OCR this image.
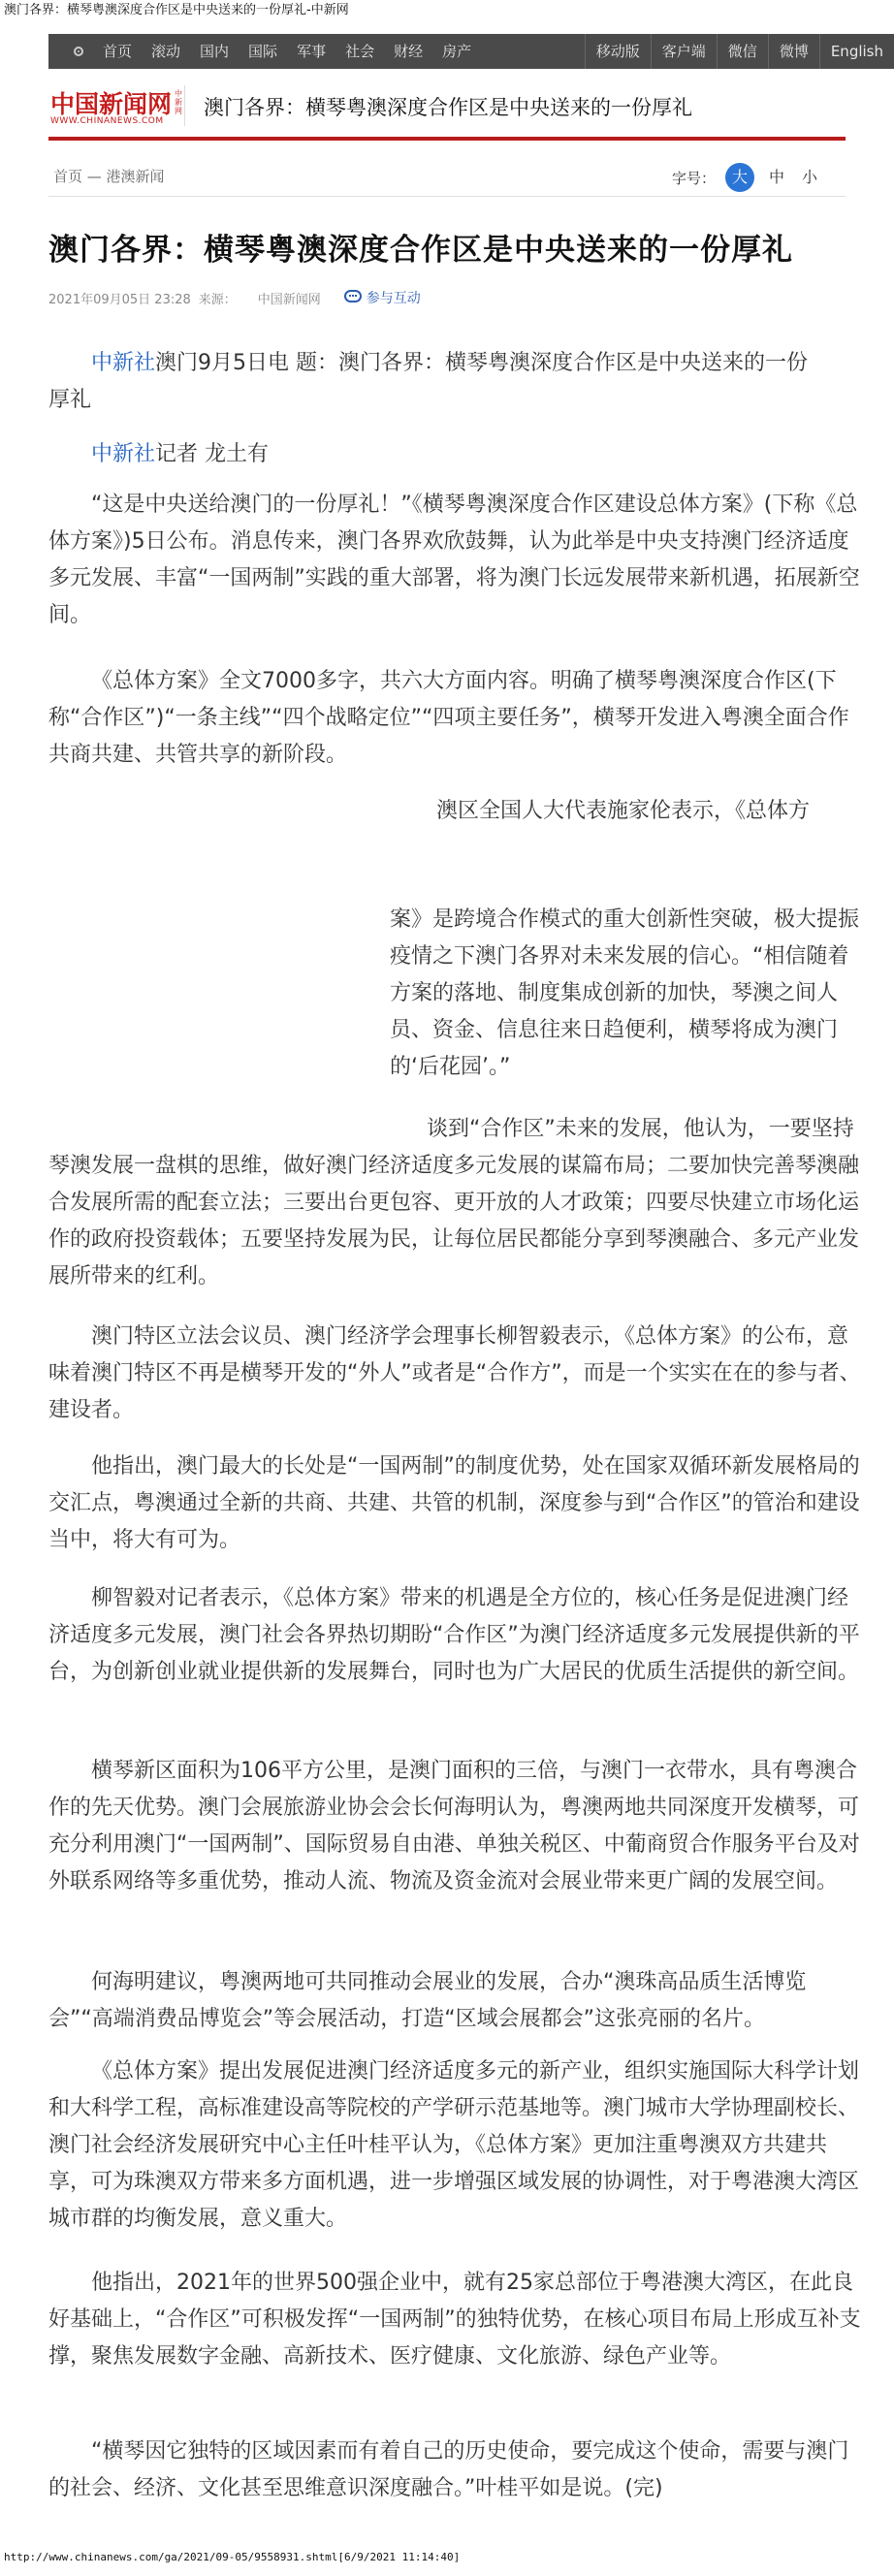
澳门各界：横琴粤澳深度合作区是中央送来的一份厚礼-中新网
首页	滚动	国内	国际	军事	社会	财经	房产	移动版	客户端	微信	微博	English
中国新闻网 中新网
WWW.CHINANEWS.COM
澳门各界：横琴粤澳深度合作区是中央送来的一份厚礼
首页 — 港澳新闻	字号：	大	中	小
澳门各界：横琴粤澳深度合作区是中央送来的一份厚礼
2021年09月05日 23:28 来源： 中国新闻网	参与互动

中新社澳门9月5日电 题：澳门各界：横琴粤澳深度合作区是中央送来的一份厚礼

中新社记者 龙土有

“这是中央送给澳门的一份厚礼！”《横琴粤澳深度合作区建设总体方案》(下称《总体方案》)5日公布。消息传来，澳门各界欢欣鼓舞，认为此举是中央支持澳门经济适度多元发展、丰富“一国两制”实践的重大部署，将为澳门长远发展带来新机遇，拓展新空间。

《总体方案》全文7000多字，共六大方面内容。明确了横琴粤澳深度合作区(下称“合作区”)“一条主线”“四个战略定位”“四项主要任务”，横琴开发进入粤澳全面合作共商共建、共管共享的新阶段。

澳区全国人大代表施家伦表示，《总体方

案》是跨境合作模式的重大创新性突破，极大提振疫情之下澳门各界对未来发展的信心。“相信随着方案的落地、制度集成创新的加快，琴澳之间人员、资金、信息往来日趋便利，横琴将成为澳门的‘后花园’。”

谈到“合作区”未来的发展，他认为，一要坚持琴澳发展一盘棋的思维，做好澳门经济适度多元发展的谋篇布局；二要加快完善琴澳融合发展所需的配套立法；三要出台更包容、更开放的人才政策；四要尽快建立市场化运作的政府投资载体；五要坚持发展为民，让每位居民都能分享到琴澳融合、多元产业发展所带来的红利。

澳门特区立法会议员、澳门经济学会理事长柳智毅表示，《总体方案》的公布，意味着澳门特区不再是横琴开发的“外人”或者是“合作方”，而是一个实实在在的参与者、建设者。

他指出，澳门最大的长处是“一国两制”的制度优势，处在国家双循环新发展格局的交汇点，粤澳通过全新的共商、共建、共管的机制，深度参与到“合作区”的管治和建设当中，将大有可为。

柳智毅对记者表示，《总体方案》带来的机遇是全方位的，核心任务是促进澳门经济适度多元发展，澳门社会各界热切期盼“合作区”为澳门经济适度多元发展提供新的平台，为创新创业就业提供新的发展舞台，同时也为广大居民的优质生活提供的新空间。

横琴新区面积为106平方公里，是澳门面积的三倍，与澳门一衣带水，具有粤澳合作的先天优势。澳门会展旅游业协会会长何海明认为，粤澳两地共同深度开发横琴，可充分利用澳门“一国两制”、国际贸易自由港、单独关税区、中葡商贸合作服务平台及对外联系网络等多重优势，推动人流、物流及资金流对会展业带来更广阔的发展空间。

何海明建议，粤澳两地可共同推动会展业的发展，合办“澳珠高品质生活博览会”“高端消费品博览会”等会展活动，打造“区域会展都会”这张亮丽的名片。

《总体方案》提出发展促进澳门经济适度多元的新产业，组织实施国际大科学计划和大科学工程，高标准建设高等院校的产学研示范基地等。澳门城市大学协理副校长、澳门社会经济发展研究中心主任叶桂平认为，《总体方案》更加注重粤澳双方共建共享，可为珠澳双方带来多方面机遇，进一步增强区域发展的协调性，对于粤港澳大湾区城市群的均衡发展，意义重大。

他指出，2021年的世界500强企业中，就有25家总部位于粤港澳大湾区，在此良好基础上，“合作区”可积极发挥“一国两制”的独特优势，在核心项目布局上形成互补支撑，聚焦发展数字金融、高新技术、医疗健康、文化旅游、绿色产业等。

“横琴因它独特的区域因素而有着自己的历史使命，要完成这个使命，需要与澳门的社会、经济、文化甚至思维意识深度融合。”叶桂平如是说。(完)

http://www.chinanews.com/ga/2021/09-05/9558931.shtml[6/9/2021 11:14:40]
